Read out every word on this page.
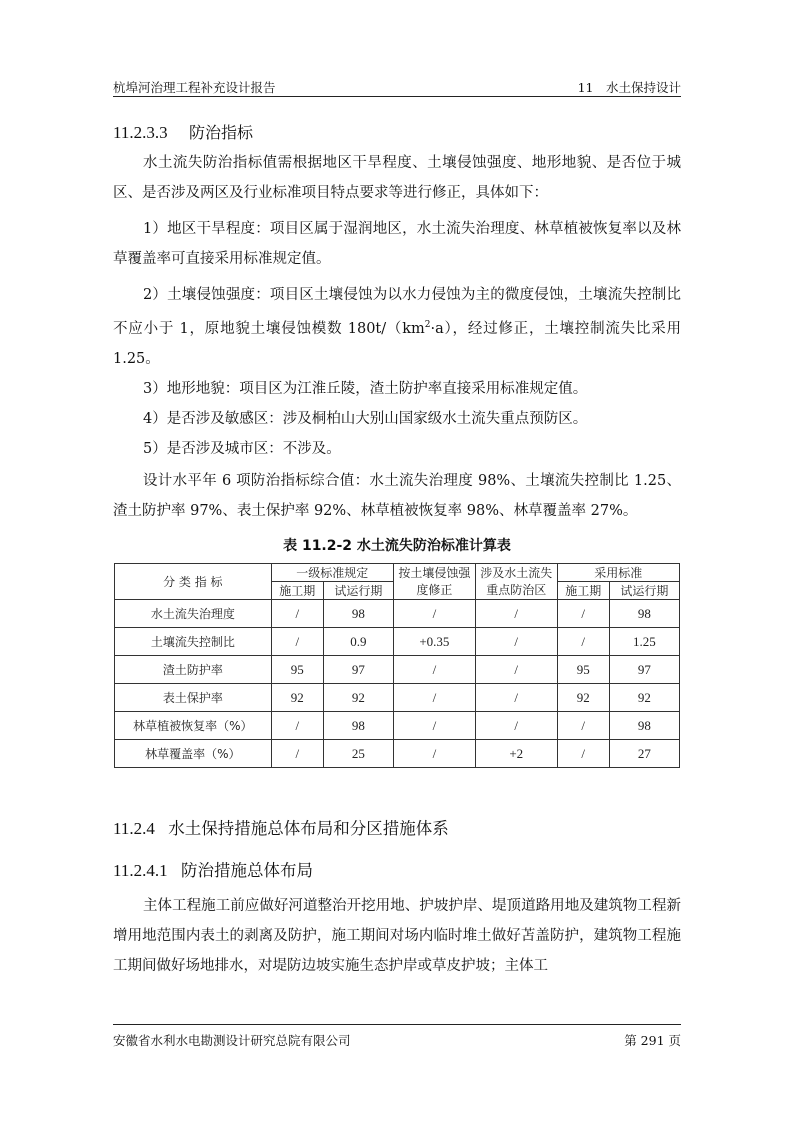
杭埠河治理工程补充设计报告	11　水土保持设计
11.2.3.3 防治指标
水土流失防治指标值需根据地区干旱程度、土壤侵蚀强度、地形地貌、是否位于城区、是否涉及两区及行业标准项目特点要求等进行修正，具体如下：
1）地区干旱程度：项目区属于湿润地区，水土流失治理度、林草植被恢复率以及林草覆盖率可直接采用标准规定值。
2）土壤侵蚀强度：项目区土壤侵蚀为以水力侵蚀为主的微度侵蚀，土壤流失控制比不应小于 1，原地貌土壤侵蚀模数 $180t/(km^2\cdot a)$，经过修正，土壤控制流失比采用 1.25。
3）地形地貌：项目区为江淮丘陵，渣土防护率直接采用标准规定值。
4）是否涉及敏感区：涉及桐柏山大别山国家级水土流失重点预防区。
5）是否涉及城市区：不涉及。
设计水平年 6 项防治指标综合值：水土流失治理度 98%、土壤流失控制比 1.25、渣土防护率 97%、表土保护率 92%、林草植被恢复率 98%、林草覆盖率 27%。
表 11.2-2 水土流失防治标准计算表
分 类 指 标	一级标准规定		按土壤侵蚀强度修正	涉及水土流失重点防治区	采用标准	
	施工期	试运行期			施工期	试运行期
水土流失治理度	/	98	/	/	/	98
土壤流失控制比	/	0.9	+0.35	/	/	1.25
渣土防护率	95	97	/	/	95	97
表土保护率	92	92	/	/	92	92
林草植被恢复率（%）	/	98	/	/	/	98
林草覆盖率（%）	/	25	/	+2	/	27
11.2.4 水土保持措施总体布局和分区措施体系
11.2.4.1 防治措施总体布局
主体工程施工前应做好河道整治开挖用地、护坡护岸、堤顶道路用地及建筑物工程新增用地范围内表土的剥离及防护，施工期间对场内临时堆土做好苫盖防护，建筑物工程施工期间做好场地排水，对堤防边坡实施生态护岸或草皮护坡；主体工
安徽省水利水电勘测设计研究总院有限公司	第 291 页
